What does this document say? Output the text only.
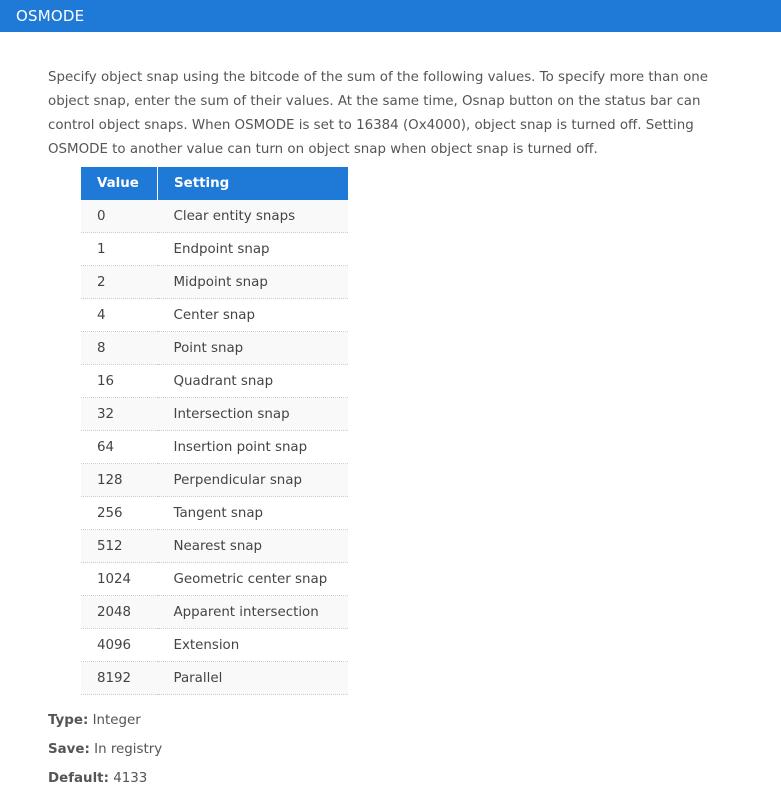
OSMODE
Specify object snap using the bitcode of the sum of the following values. To specify more than one
object snap, enter the sum of their values. At the same time, Osnap button on the status bar can
control object snaps. When OSMODE is set to 16384 (Ox4000), object snap is turned off. Setting
OSMODE to another value can turn on object snap when object snap is turned off.
Value	Setting
0	Clear entity snaps
1	Endpoint snap
2	Midpoint snap
4	Center snap
8	Point snap
16	Quadrant snap
32	Intersection snap
64	Insertion point snap
128	Perpendicular snap
256	Tangent snap
512	Nearest snap
1024	Geometric center snap
2048	Apparent intersection
4096	Extension
8192	Parallel
Type: Integer
Save: In registry
Default: 4133
